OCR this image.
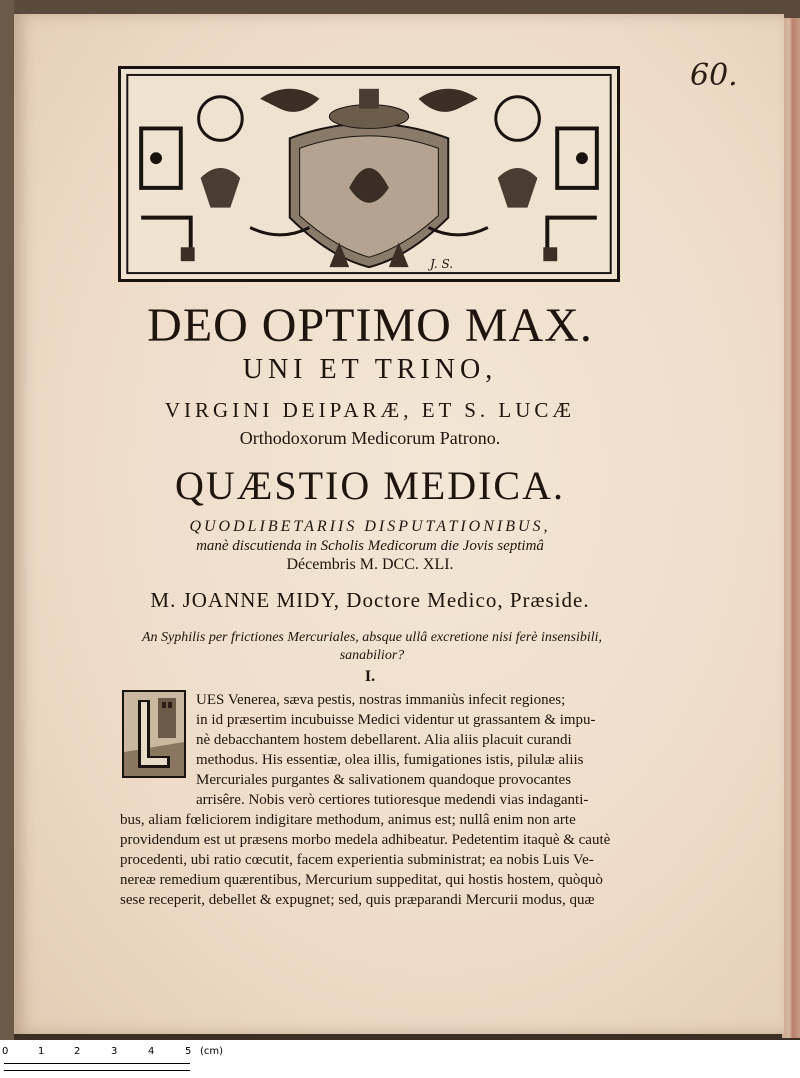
60.
J. S.
DEO OPTIMO MAX.
UNI ET TRINO,
VIRGINI DEIPARÆ, ET S. LUCÆ
Orthodoxorum Medicorum Patrono.
QUÆSTIO MEDICA.
QUODLIBETARIIS DISPUTATIONIBUS,
manè discutienda in Scholis Medicorum die Jovis septimâ
Décembris M. DCC. XLI.
M. JOANNE MIDY, Doctore Medico, Præside.
An Syphilis per frictiones Mercuriales, absque ullâ excretione nisi ferè insensibili,
sanabilior?
I.
UES Venerea, sæva pestis, nostras immaniùs infecit regiones;
in id præsertim incubuisse Medici videntur ut grassantem & impu-
nè debacchantem hostem debellarent. Alia aliis placuit curandi
methodus. His essentiæ, olea illis, fumigationes istis, pilulæ aliis
Mercuriales purgantes & salivationem quandoque provocantes
arrisêre. Nobis verò certiores tutioresque medendi vias indaganti-
bus, aliam fœliciorem indigitare methodum, animus est; nullâ enim non arte
providendum est ut præsens morbo medela adhibeatur. Pedetentim itaquè & cautè
procedenti, ubi ratio cœcutit, facem experientia subministrat; ea nobis Luis Ve-
nereæ remedium quærentibus, Mercurium suppeditat, qui hostis hostem, quòquò
sese receperit, debellet & expugnet; sed, quis præparandi Mercurii modus, quæ
0	1	2	3	4	5 (cm)
